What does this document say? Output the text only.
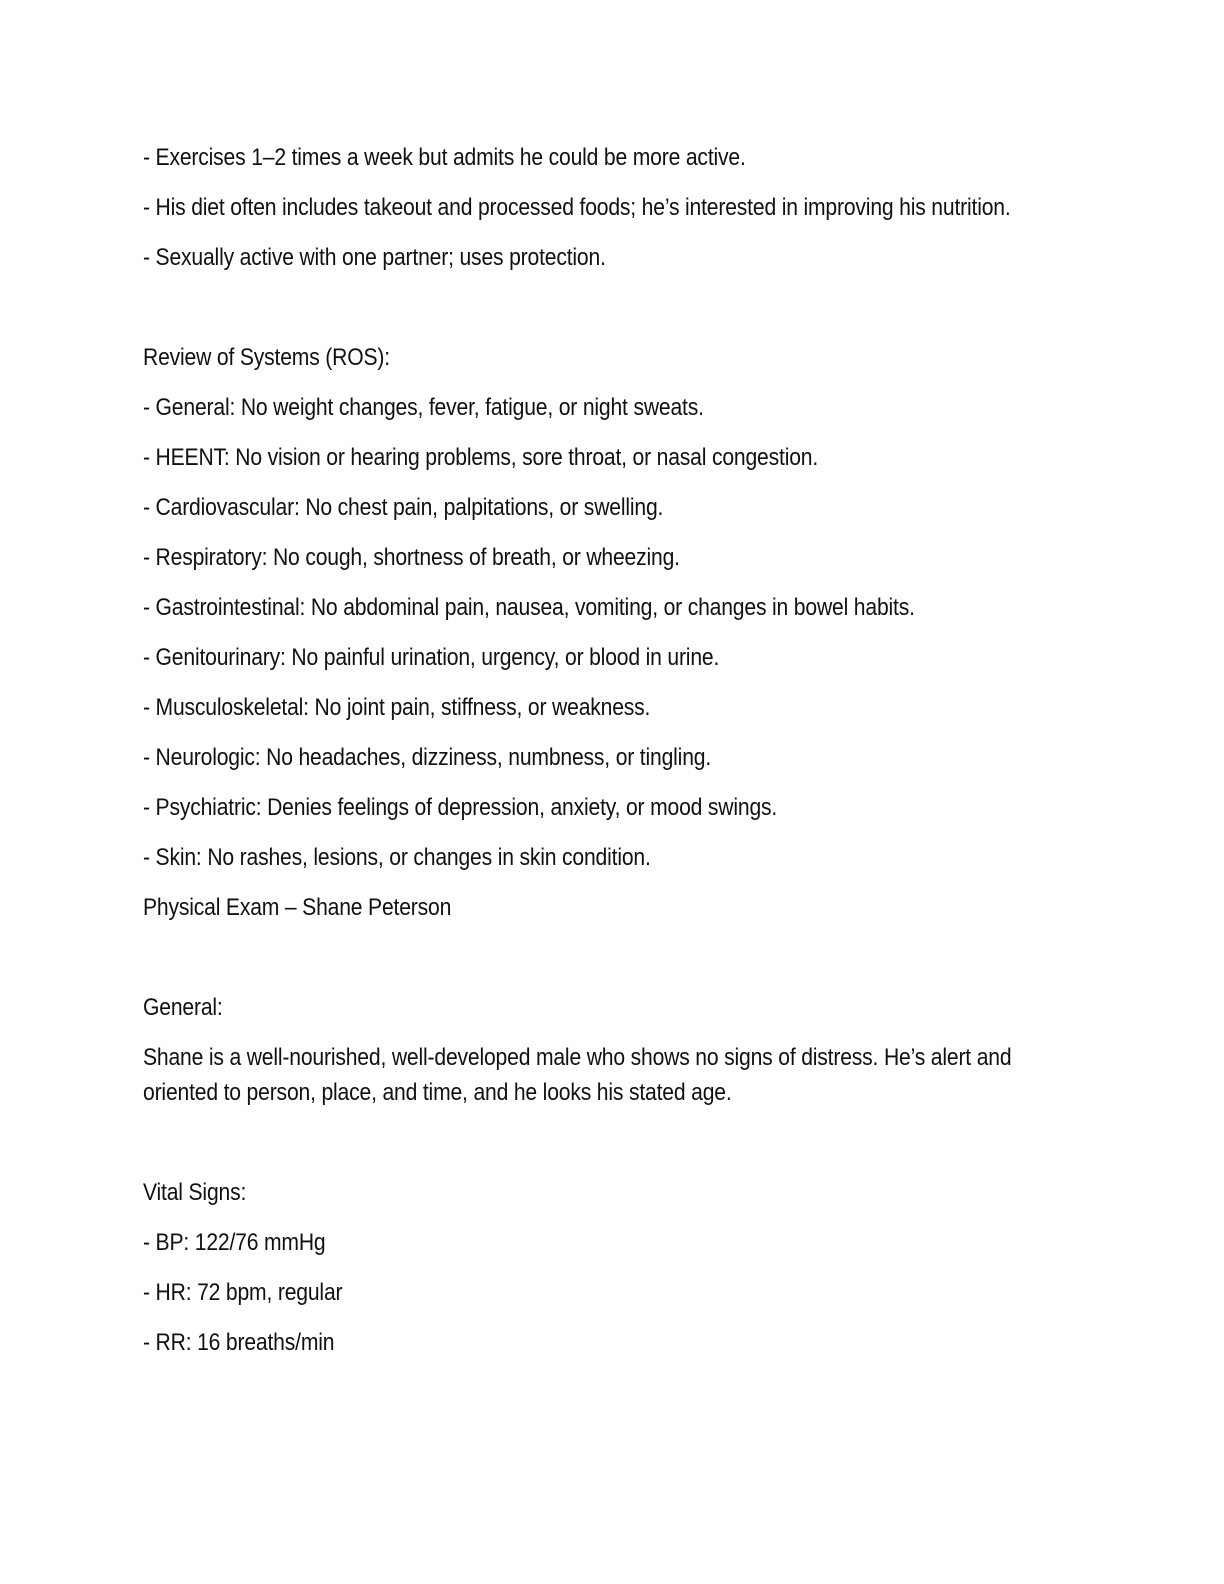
- Exercises 1–2 times a week but admits he could be more active.

- His diet often includes takeout and processed foods; he’s interested in improving his nutrition.

- Sexually active with one partner; uses protection.

Review of Systems (ROS):

- General: No weight changes, fever, fatigue, or night sweats.

- HEENT: No vision or hearing problems, sore throat, or nasal congestion.

- Cardiovascular: No chest pain, palpitations, or swelling.

- Respiratory: No cough, shortness of breath, or wheezing.

- Gastrointestinal: No abdominal pain, nausea, vomiting, or changes in bowel habits.

- Genitourinary: No painful urination, urgency, or blood in urine.

- Musculoskeletal: No joint pain, stiffness, or weakness.

- Neurologic: No headaches, dizziness, numbness, or tingling.

- Psychiatric: Denies feelings of depression, anxiety, or mood swings.

- Skin: No rashes, lesions, or changes in skin condition.

Physical Exam – Shane Peterson

General:

Shane is a well-nourished, well-developed male who shows no signs of distress. He’s alert and oriented to person, place, and time, and he looks his stated age.

Vital Signs:

- BP: 122/76 mmHg

- HR: 72 bpm, regular

- RR: 16 breaths/min
